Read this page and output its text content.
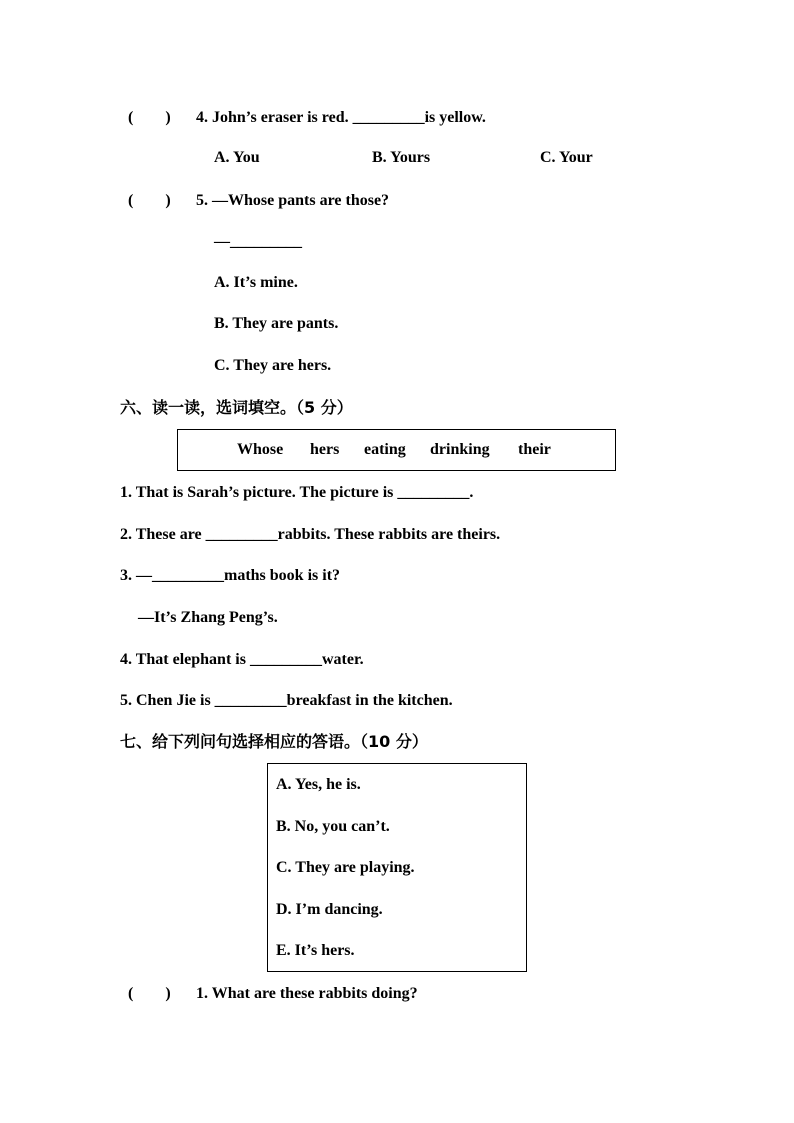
(        ) 4. John’s eraser is red. _________is yellow.
A. You	B. Yours	C. Your
(        ) 5. —Whose pants are those?
—_________
A. It’s mine.
B. They are pants.
C. They are hers.
六、读一读，选词填空。（5 分）
Whose hers eating drinking their
1. That is Sarah’s picture. The picture is _________.
2. These are _________rabbits. These rabbits are theirs.
3. —_________maths book is it?
—It’s Zhang Peng’s.
4. That elephant is _________water.
5. Chen Jie is _________breakfast in the kitchen.
七、给下列问句选择相应的答语。（10 分）
A. Yes, he is.
B. No, you can’t.
C. They are playing.
D. I’m dancing.
E. It’s hers.
(        ) 1. What are these rabbits doing?
